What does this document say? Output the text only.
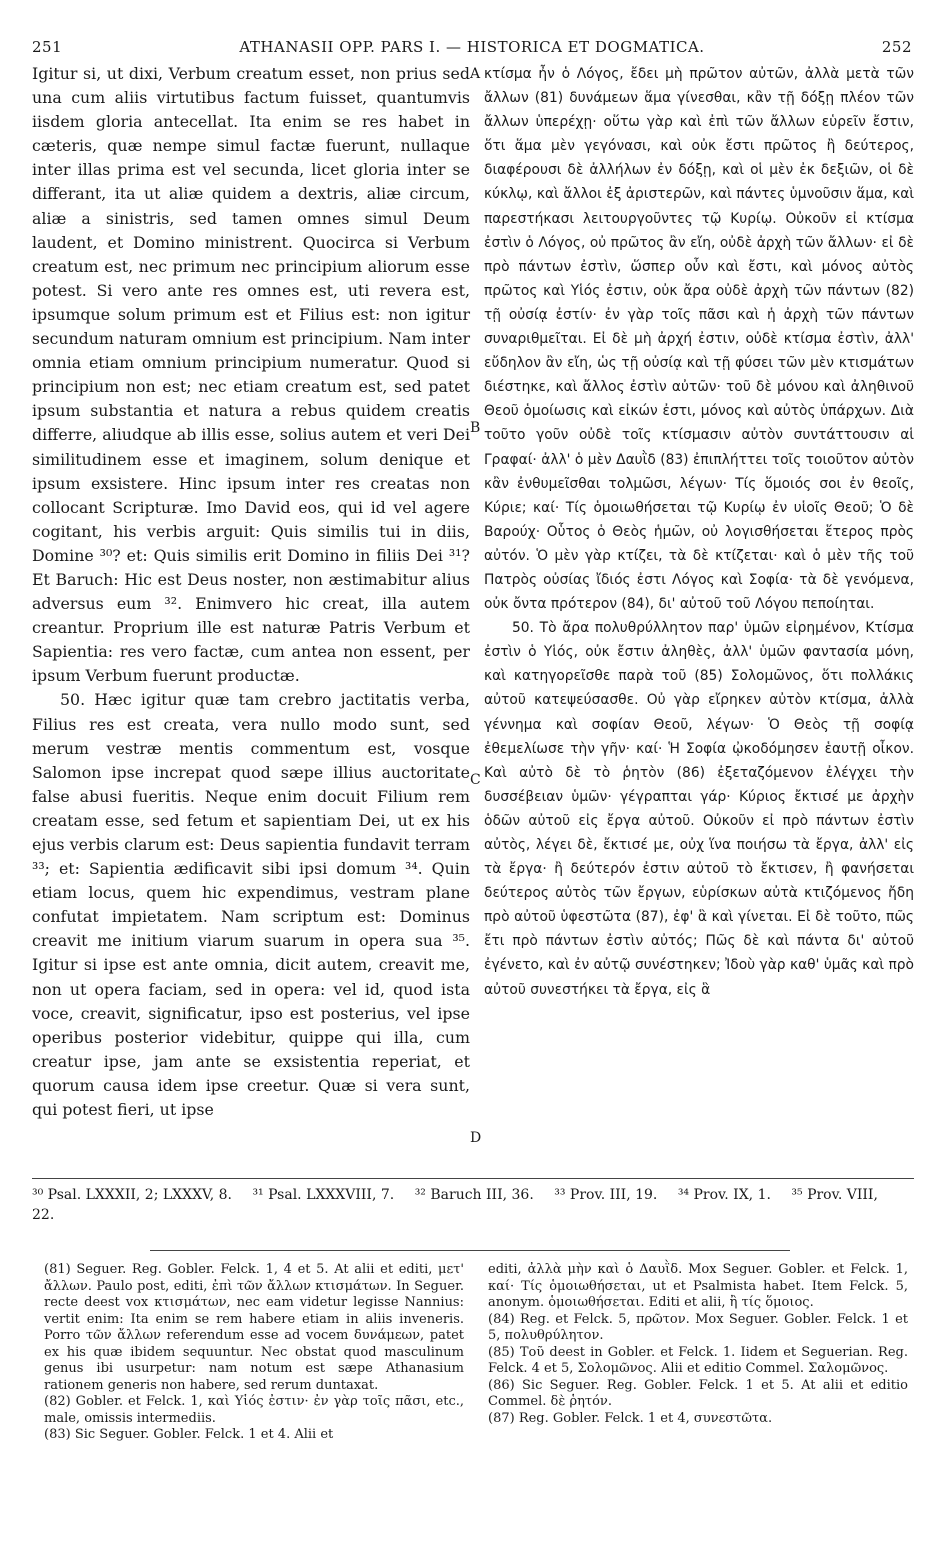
251	ATHANASII OPP. PARS I. — HISTORICA ET DOGMATICA.	252

Igitur si, ut dixi, Verbum creatum esset, non prius sed una cum aliis virtutibus factum fuisset, quantumvis iisdem gloria antecellat. Ita enim se res habet in cæteris, quæ nempe simul factæ fuerunt, nullaque inter illas prima est vel secunda, licet gloria inter se differant, ita ut aliæ quidem a dextris, aliæ circum, aliæ a sinistris, sed tamen omnes simul Deum laudent, et Domino ministrent. Quocirca si Verbum creatum est, nec primum nec principium aliorum esse potest. Si vero ante res omnes est, uti revera est, ipsumque solum primum est et Filius est: non igitur secundum naturam omnium est principium. Nam inter omnia etiam omnium principium numeratur. Quod si principium non est; nec etiam creatum est, sed patet ipsum substantia et natura a rebus quidem creatis differre, aliudque ab illis esse, solius autem et veri Dei similitudinem esse et imaginem, solum denique et ipsum exsistere. Hinc ipsum inter res creatas non collocant Scripturæ. Imo David eos, qui id vel agere cogitant, his verbis arguit: Quis similis tui in diis, Domine ³⁰? et: Quis similis erit Domino in filiis Dei ³¹? Et Baruch: Hic est Deus noster, non æstimabitur alius adversus eum ³². Enimvero hic creat, illa autem creantur. Proprium ille est naturæ Patris Verbum et Sapientia: res vero factæ, cum antea non essent, per ipsum Verbum fuerunt productæ.

50. Hæc igitur quæ tam crebro jactitatis verba, Filius res est creata, vera nullo modo sunt, sed merum vestræ mentis commentum est, vosque Salomon ipse increpat quod sæpe illius auctoritate false abusi fueritis. Neque enim docuit Filium rem creatam esse, sed fetum et sapientiam Dei, ut ex his ejus verbis clarum est: Deus sapientia fundavit terram ³³; et: Sapientia ædificavit sibi ipsi domum ³⁴. Quin etiam locus, quem hic expendimus, vestram plane confutat impietatem. Nam scriptum est: Dominus creavit me initium viarum suarum in opera sua ³⁵. Igitur si ipse est ante omnia, dicit autem, creavit me, non ut opera faciam, sed in opera: vel id, quod ista voce, creavit, significatur, ipso est posterius, vel ipse operibus posterior videbitur, quippe qui illa, cum creatur ipse, jam ante se exsistentia reperiat, et quorum causa idem ipse creetur. Quæ si vera sunt, qui potest fieri, ut ipse

κτίσμα ἦν ὁ Λόγος, ἔδει μὴ πρῶτον αὐτῶν, ἀλλὰ μετὰ τῶν ἄλλων (81) δυνάμεων ἅμα γίνεσθαι, κἂν τῇ δόξῃ πλέον τῶν ἄλλων ὑπερέχῃ· οὕτω γὰρ καὶ ἐπὶ τῶν ἄλλων εὑρεῖν ἔστιν, ὅτι ἅμα μὲν γεγόνασι, καὶ οὐκ ἔστι πρῶτος ἢ δεύτερος, διαφέρουσι δὲ ἀλλήλων ἐν δόξῃ, καὶ οἱ μὲν ἐκ δεξιῶν, οἱ δὲ κύκλῳ, καὶ ἄλλοι ἐξ ἀριστερῶν, καὶ πάντες ὑμνοῦσιν ἅμα, καὶ παρεστήκασι λειτουργοῦντες τῷ Κυρίῳ. Οὐκοῦν εἰ κτίσμα ἐστὶν ὁ Λόγος, οὐ πρῶτος ἂν εἴη, οὐδὲ ἀρχὴ τῶν ἄλλων· εἰ δὲ πρὸ πάντων ἐστὶν, ὥσπερ οὖν καὶ ἔστι, καὶ μόνος αὐτὸς πρῶτος καὶ Υἱός ἐστιν, οὐκ ἄρα οὐδὲ ἀρχὴ τῶν πάντων (82) τῇ οὐσίᾳ ἐστίν· ἐν γὰρ τοῖς πᾶσι καὶ ἡ ἀρχὴ τῶν πάντων συναριθμεῖται. Εἰ δὲ μὴ ἀρχή ἐστιν, οὐδὲ κτίσμα ἐστὶν, ἀλλ' εὔδηλον ἂν εἴη, ὡς τῇ οὐσίᾳ καὶ τῇ φύσει τῶν μὲν κτισμάτων διέστηκε, καὶ ἄλλος ἐστὶν αὐτῶν· τοῦ δὲ μόνου καὶ ἀληθινοῦ Θεοῦ ὁμοίωσις καὶ εἰκών ἐστι, μόνος καὶ αὐτὸς ὑπάρχων. Διὰ τοῦτο γοῦν οὐδὲ τοῖς κτίσμασιν αὐτὸν συντάττουσιν αἱ Γραφαί· ἀλλ' ὁ μὲν Δαυῒδ (83) ἐπιπλήττει τοῖς τοιοῦτον αὐτὸν κἂν ἐνθυμεῖσθαι τολμῶσι, λέγων· Τίς ὅμοιός σοι ἐν θεοῖς, Κύριε; καί· Τίς ὁμοιωθήσεται τῷ Κυρίῳ ἐν υἱοῖς Θεοῦ; Ὁ δὲ Βαρούχ· Οὗτος ὁ Θεὸς ἡμῶν, οὐ λογισθήσεται ἕτερος πρὸς αὐτόν. Ὁ μὲν γὰρ κτίζει, τὰ δὲ κτίζεται· καὶ ὁ μὲν τῆς τοῦ Πατρὸς οὐσίας ἴδιός ἐστι Λόγος καὶ Σοφία· τὰ δὲ γενόμενα, οὐκ ὄντα πρότερον (84), δι' αὐτοῦ τοῦ Λόγου πεποίηται.

50. Τὸ ἄρα πολυθρύλλητον παρ' ὑμῶν εἰρημένον, Κτίσμα ἐστὶν ὁ Υἱός, οὐκ ἔστιν ἀληθὲς, ἀλλ' ὑμῶν φαντασία μόνη, καὶ κατηγορεῖσθε παρὰ τοῦ (85) Σολομῶνος, ὅτι πολλάκις αὐτοῦ κατεψεύσασθε. Οὐ γὰρ εἴρηκεν αὐτὸν κτίσμα, ἀλλὰ γέννημα καὶ σοφίαν Θεοῦ, λέγων· Ὁ Θεὸς τῇ σοφίᾳ ἐθεμελίωσε τὴν γῆν· καί· Ἡ Σοφία ᾠκοδόμησεν ἑαυτῇ οἶκον. Καὶ αὐτὸ δὲ τὸ ῥητὸν (86) ἐξεταζόμενον ἐλέγχει τὴν δυσσέβειαν ὑμῶν· γέγραπται γάρ· Κύριος ἔκτισέ με ἀρχὴν ὁδῶν αὐτοῦ εἰς ἔργα αὐτοῦ. Οὐκοῦν εἰ πρὸ πάντων ἐστὶν αὐτὸς, λέγει δὲ, ἔκτισέ με, οὐχ ἵνα ποιήσω τὰ ἔργα, ἀλλ' εἰς τὰ ἔργα· ἢ δεύτερόν ἐστιν αὐτοῦ τὸ ἔκτισεν, ἢ φανήσεται δεύτερος αὐτὸς τῶν ἔργων, εὑρίσκων αὐτὰ κτιζόμενος ἤδη πρὸ αὐτοῦ ὑφεστῶτα (87), ἐφ' ἃ καὶ γίνεται. Εἰ δὲ τοῦτο, πῶς ἔτι πρὸ πάντων ἐστὶν αὐτός; Πῶς δὲ καὶ πάντα δι' αὐτοῦ ἐγένετο, καὶ ἐν αὐτῷ συνέστηκεν; Ἰδοὺ γὰρ καθ' ὑμᾶς καὶ πρὸ αὐτοῦ συνεστήκει τὰ ἔργα, εἰς ἃ

A
B
C
D
³⁰ Psal. LXXXII, 2; LXXXV, 8. ³¹ Psal. LXXXVIII, 7. ³² Baruch III, 36. ³³ Prov. III, 19. ³⁴ Prov. IX, 1. ³⁵ Prov. VIII, 22.

(81) Seguer. Reg. Gobler. Felck. 1, 4 et 5. At alii et editi, μετ' ἄλλων. Paulo post, editi, ἐπὶ τῶν ἄλλων κτισμάτων. In Seguer. recte deest vox κτισμάτων, nec eam videtur legisse Nannius: vertit enim: Ita enim se rem habere etiam in aliis inveneris. Porro τῶν ἄλλων referendum esse ad vocem δυνάμεων, patet ex his quæ ibidem sequuntur. Nec obstat quod masculinum genus ibi usurpetur: nam notum est sæpe Athanasium rationem generis non habere, sed rerum duntaxat.

(82) Gobler. et Felck. 1, καὶ Υἱός ἐστιν· ἐν γὰρ τοῖς πᾶσι, etc., male, omissis intermediis.

(83) Sic Seguer. Gobler. Felck. 1 et 4. Alii et

editi, ἀλλὰ μὴν καὶ ὁ Δαυῒδ. Mox Seguer. Gobler. et Felck. 1, καί· Τίς ὁμοιωθήσεται, ut et Psalmista habet. Item Felck. 5, anonym. ὁμοιωθήσεται. Editi et alii, ἢ τίς ὅμοιος.

(84) Reg. et Felck. 5, πρῶτον. Mox Seguer. Gobler. Felck. 1 et 5, πολυθρύλητον.

(85) Τοῦ deest in Gobler. et Felck. 1. Iidem et Seguerian. Reg. Felck. 4 et 5, Σολομῶνος. Alii et editio Commel. Σαλομῶνος.

(86) Sic Seguer. Reg. Gobler. Felck. 1 et 5. At alii et editio Commel. δὲ ῥητόν.

(87) Reg. Gobler. Felck. 1 et 4, συνεστῶτα.
